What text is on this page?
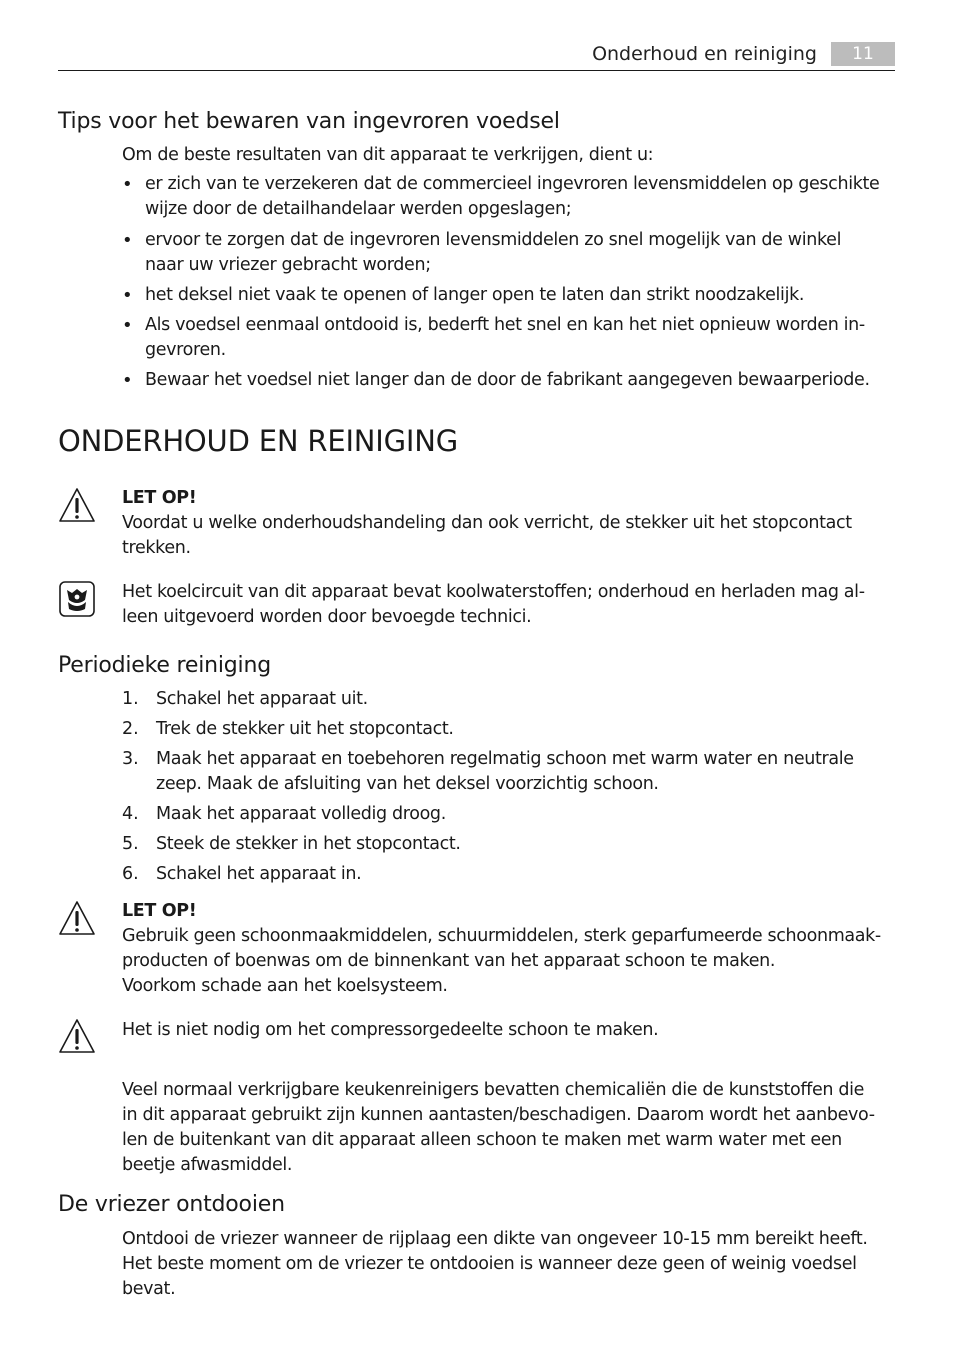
Onderhoud en reiniging	11
Tips voor het bewaren van ingevroren voedsel
Om de beste resultaten van dit apparaat te verkrijgen, dient u:
• er zich van te verzekeren dat de commercieel ingevroren levensmiddelen op geschikte
wijze door de detailhandelaar werden opgeslagen;
• ervoor te zorgen dat de ingevroren levensmiddelen zo snel mogelijk van de winkel
naar uw vriezer gebracht worden;
• het deksel niet vaak te openen of langer open te laten dan strikt noodzakelijk.
• Als voedsel eenmaal ontdooid is, bederft het snel en kan het niet opnieuw worden in-
gevroren.
• Bewaar het voedsel niet langer dan de door de fabrikant aangegeven bewaarperiode.
ONDERHOUD EN REINIGING
LET OP!
Voordat u welke onderhoudshandeling dan ook verricht, de stekker uit het stopcontact
trekken.
Het koelcircuit van dit apparaat bevat koolwaterstoffen; onderhoud en herladen mag al-
leen uitgevoerd worden door bevoegde technici.
Periodieke reiniging
1. Schakel het apparaat uit.
2. Trek de stekker uit het stopcontact.
3. Maak het apparaat en toebehoren regelmatig schoon met warm water en neutrale
zeep. Maak de afsluiting van het deksel voorzichtig schoon.
4. Maak het apparaat volledig droog.
5. Steek de stekker in het stopcontact.
6. Schakel het apparaat in.
LET OP!
Gebruik geen schoonmaakmiddelen, schuurmiddelen, sterk geparfumeerde schoonmaak-
producten of boenwas om de binnenkant van het apparaat schoon te maken.
Voorkom schade aan het koelsysteem.
Het is niet nodig om het compressorgedeelte schoon te maken.
Veel normaal verkrijgbare keukenreinigers bevatten chemicaliën die de kunststoffen die
in dit apparaat gebruikt zijn kunnen aantasten/beschadigen. Daarom wordt het aanbevo-
len de buitenkant van dit apparaat alleen schoon te maken met warm water met een
beetje afwasmiddel.
De vriezer ontdooien
Ontdooi de vriezer wanneer de rijplaag een dikte van ongeveer 10-15 mm bereikt heeft.
Het beste moment om de vriezer te ontdooien is wanneer deze geen of weinig voedsel
bevat.
